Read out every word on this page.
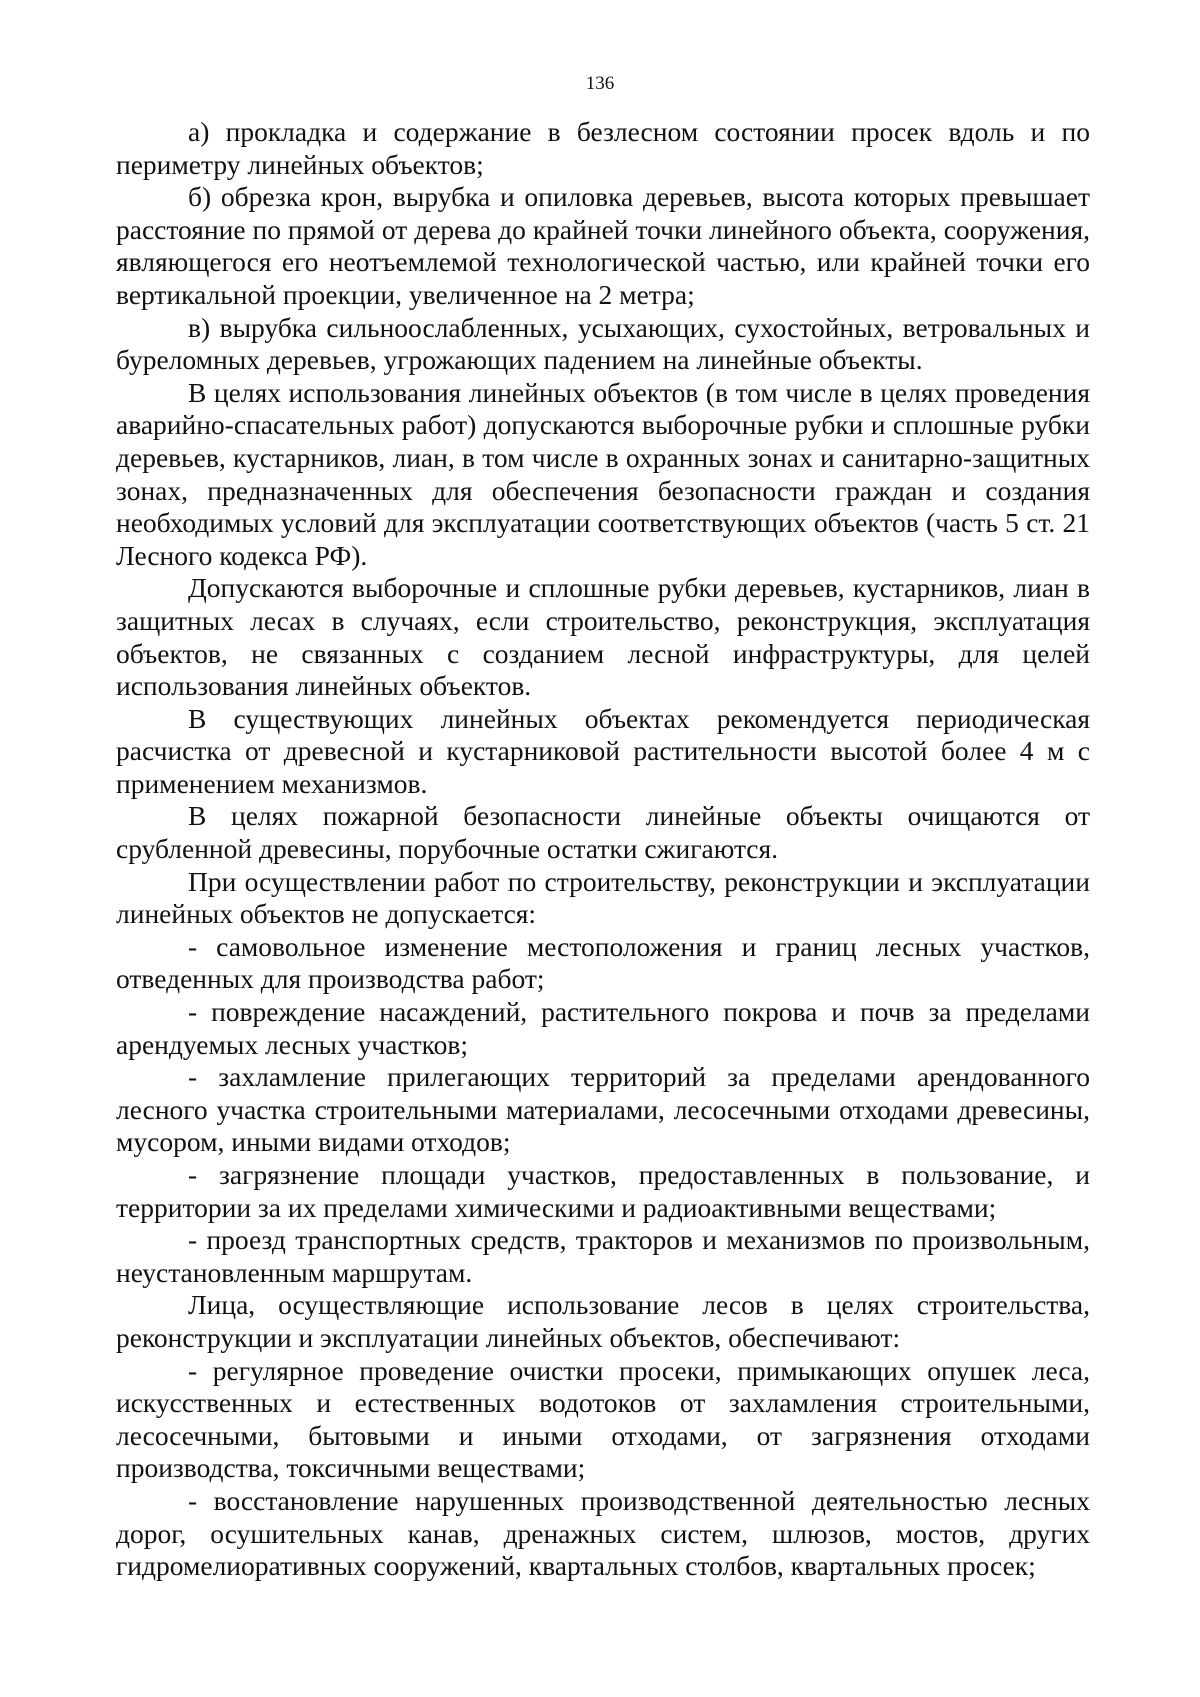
136

а) прокладка и содержание в безлесном состоянии просек вдоль и по периметру линейных объектов;

б) обрезка крон, вырубка и опиловка деревьев, высота которых превышает расстояние по прямой от дерева до крайней точки линейного объекта, сооружения, являющегося его неотъемлемой технологической частью, или крайней точки его вертикальной проекции, увеличенное на 2 метра;

в) вырубка сильноослабленных, усыхающих, сухостойных, ветровальных и буреломных деревьев, угрожающих падением на линейные объекты.

В целях использования линейных объектов (в том числе в целях проведения аварийно-спасательных работ) допускаются выборочные рубки и сплошные рубки деревьев, кустарников, лиан, в том числе в охранных зонах и санитарно-защитных зонах, предназначенных для обеспечения безопасности граждан и создания необходимых условий для эксплуатации соответствующих объектов (часть 5 ст. 21 Лесного кодекса РФ).

Допускаются выборочные и сплошные рубки деревьев, кустарников, лиан в защитных лесах в случаях, если строительство, реконструкция, эксплуатация объектов, не связанных с созданием лесной инфраструктуры, для целей использования линейных объектов.

В существующих линейных объектах рекомендуется периодическая расчистка от древесной и кустарниковой растительности высотой более 4 м с применением механизмов.

В целях пожарной безопасности линейные объекты очищаются от срубленной древесины, порубочные остатки сжигаются.

При осуществлении работ по строительству, реконструкции и эксплуатации линейных объектов не допускается:

- самовольное изменение местоположения и границ лесных участков, отведенных для производства работ;

- повреждение насаждений, растительного покрова и почв за пределами арендуемых лесных участков;

- захламление прилегающих территорий за пределами арендованного лесного участка строительными материалами, лесосечными отходами древесины, мусором, иными видами отходов;

- загрязнение площади участков, предоставленных в пользование, и территории за их пределами химическими и радиоактивными веществами;

- проезд транспортных средств, тракторов и механизмов по произвольным, неустановленным маршрутам.

Лица, осуществляющие использование лесов в целях строительства, реконструкции и эксплуатации линейных объектов, обеспечивают:

- регулярное проведение очистки просеки, примыкающих опушек леса, искусственных и естественных водотоков от захламления строительными, лесосечными, бытовыми и иными отходами, от загрязнения отходами производства, токсичными веществами;

- восстановление нарушенных производственной деятельностью лесных дорог, осушительных канав, дренажных систем, шлюзов, мостов, других гидромелиоративных сооружений, квартальных столбов, квартальных просек;
